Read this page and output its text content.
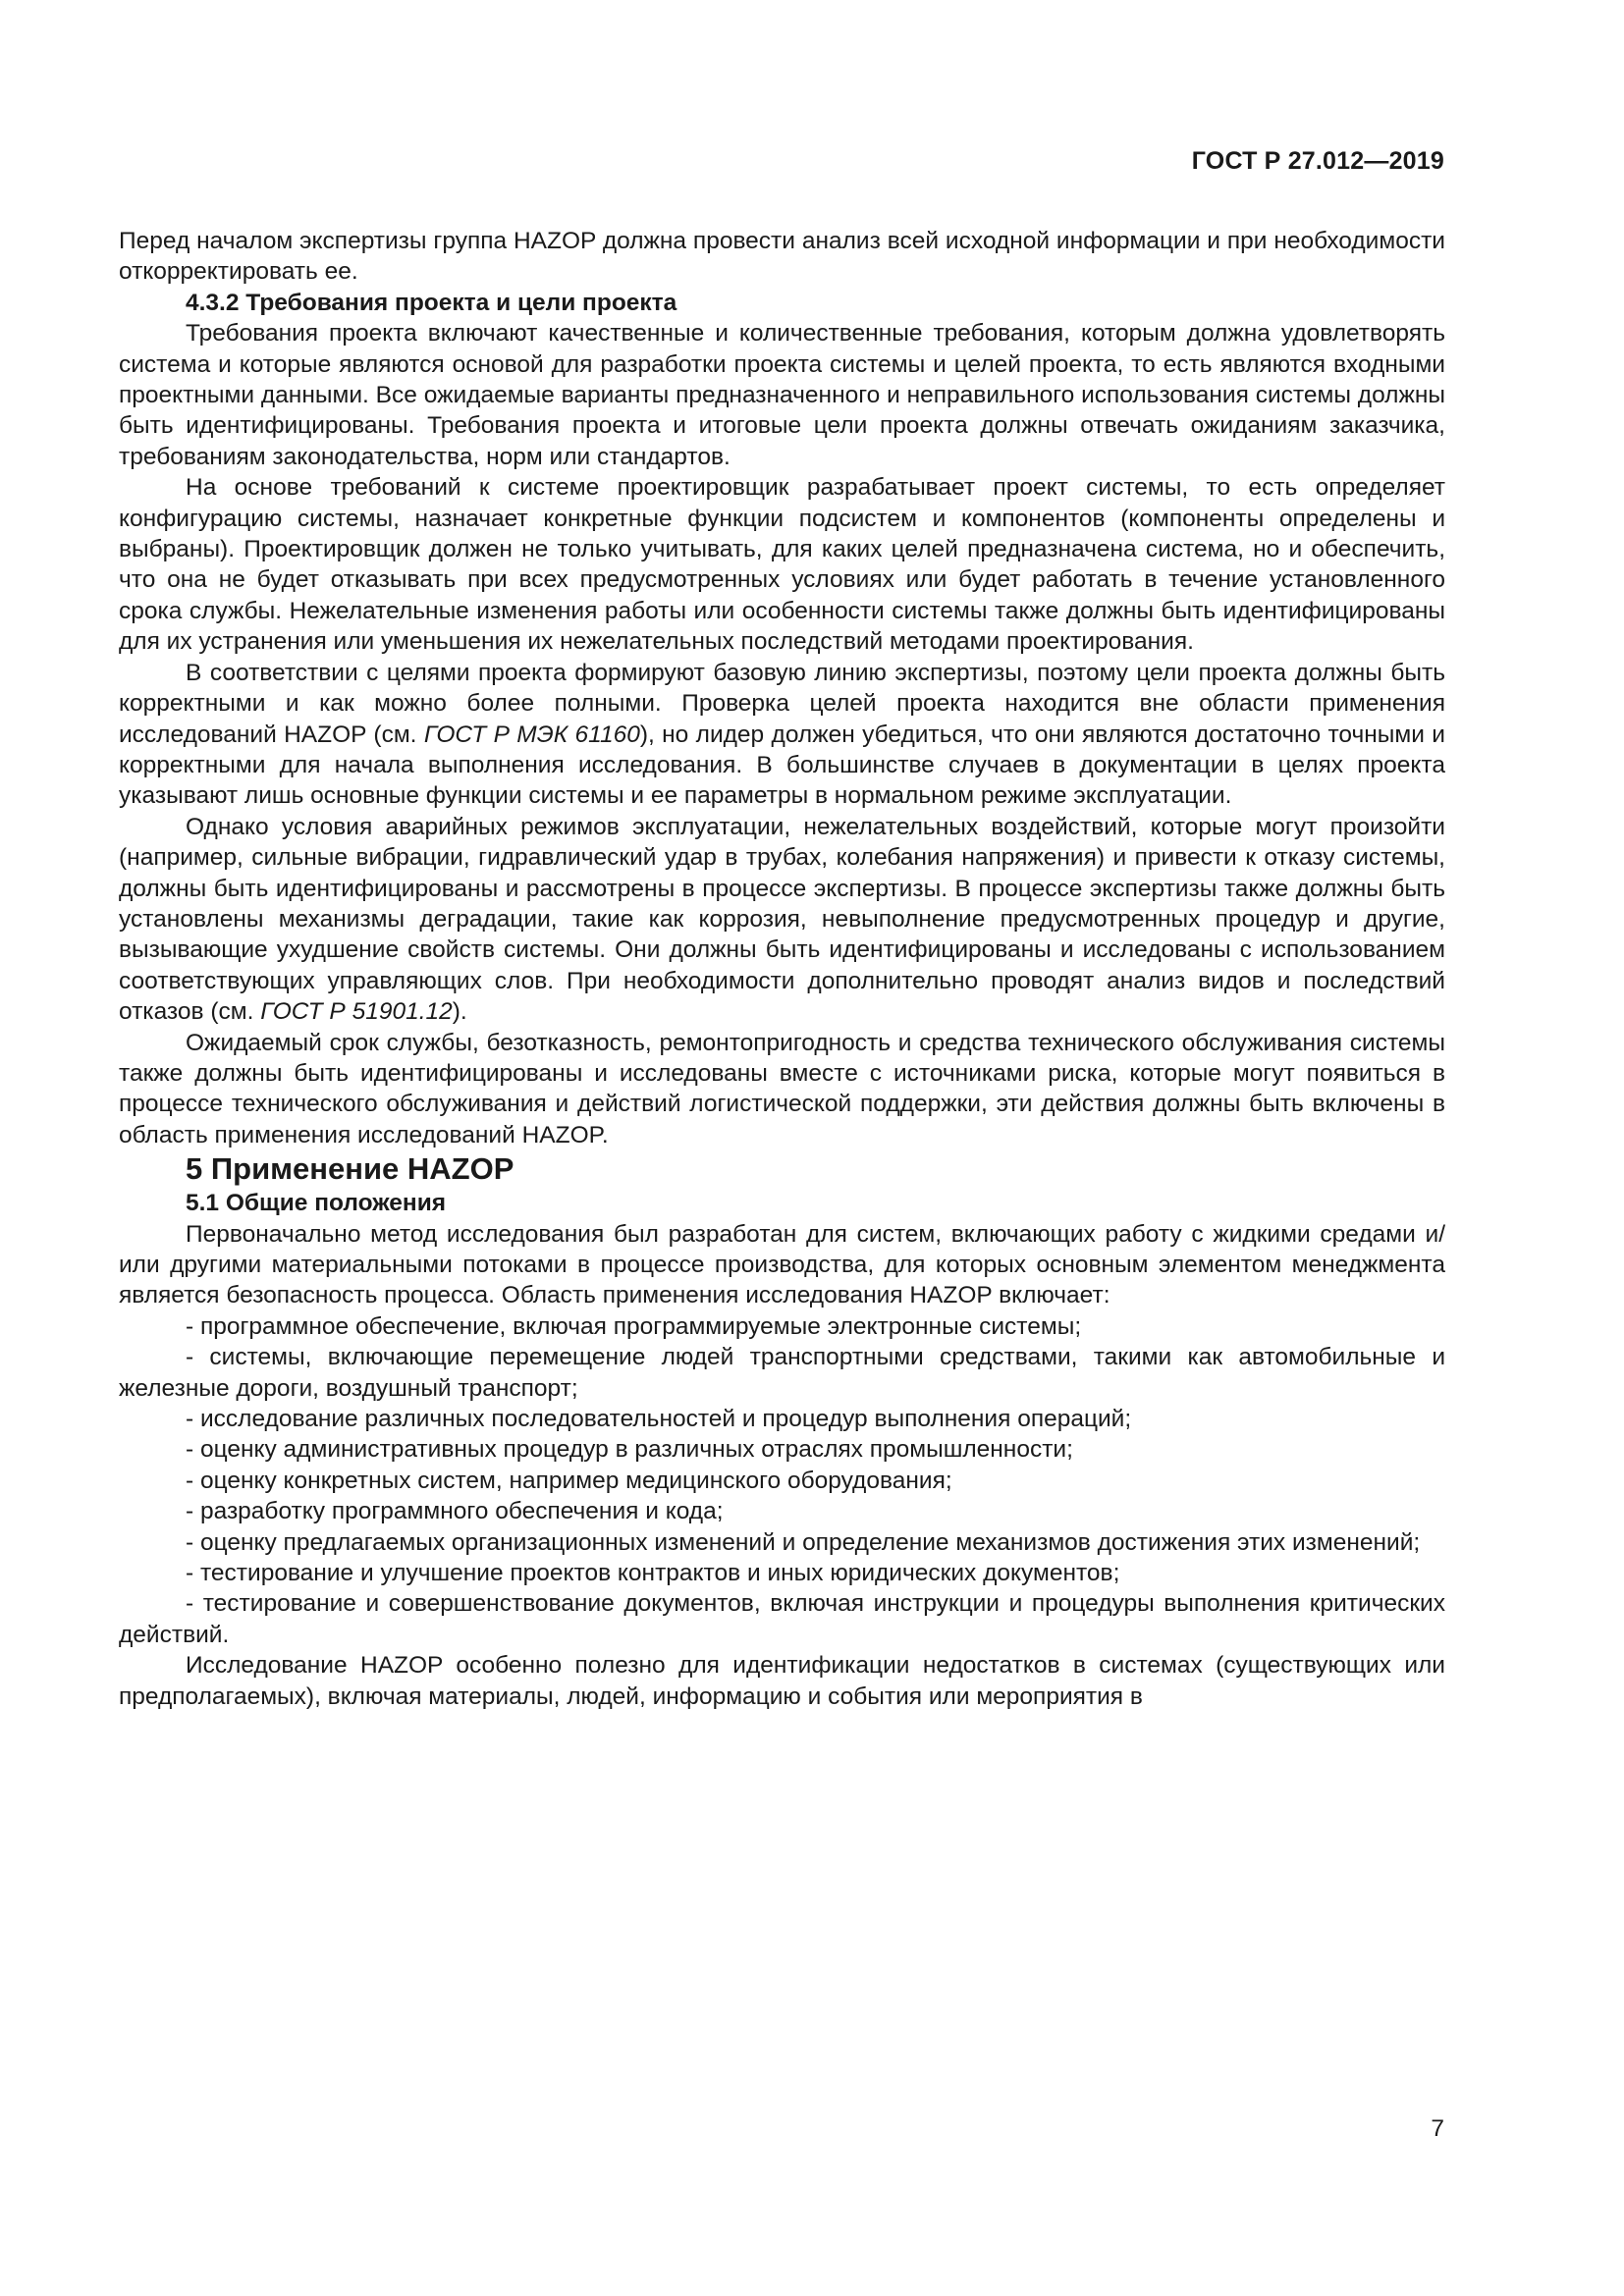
ГОСТ Р 27.012—2019

Перед началом экспертизы группа HAZOP должна провести анализ всей исходной информации и при необходимости откорректировать ее.

4.3.2 Требования проекта и цели проекта

Требования проекта включают качественные и количественные требования, которым должна удовлетворять система и которые являются основой для разработки проекта системы и целей проекта, то есть являются входными проектными данными. Все ожидаемые варианты предназначенного и неправильного использования системы должны быть идентифицированы. Требования проекта и итоговые цели проекта должны отвечать ожиданиям заказчика, требованиям законодательства, норм или стандартов.

На основе требований к системе проектировщик разрабатывает проект системы, то есть определяет конфигурацию системы, назначает конкретные функции подсистем и компонентов (компоненты определены и выбраны). Проектировщик должен не только учитывать, для каких целей предназначена система, но и обеспечить, что она не будет отказывать при всех предусмотренных условиях или будет работать в течение установленного срока службы. Нежелательные изменения работы или особенности системы также должны быть идентифицированы для их устранения или уменьшения их нежелательных последствий методами проектирования.

В соответствии с целями проекта формируют базовую линию экспертизы, поэтому цели проекта должны быть корректными и как можно более полными. Проверка целей проекта находится вне области применения исследований HAZOP (см. ГОСТ Р МЭК 61160), но лидер должен убедиться, что они являются достаточно точными и корректными для начала выполнения исследования. В большинстве случаев в документации в целях проекта указывают лишь основные функции системы и ее параметры в нормальном режиме эксплуатации.

Однако условия аварийных режимов эксплуатации, нежелательных воздействий, которые могут произойти (например, сильные вибрации, гидравлический удар в трубах, колебания напряжения) и привести к отказу системы, должны быть идентифицированы и рассмотрены в процессе экспертизы. В процессе экспертизы также должны быть установлены механизмы деградации, такие как коррозия, невыполнение предусмотренных процедур и другие, вызывающие ухудшение свойств системы. Они должны быть идентифицированы и исследованы с использованием соответствующих управляющих слов. При необходимости дополнительно проводят анализ видов и последствий отказов (см. ГОСТ Р 51901.12).

Ожидаемый срок службы, безотказность, ремонтопригодность и средства технического обслуживания системы также должны быть идентифицированы и исследованы вместе с источниками риска, которые могут появиться в процессе технического обслуживания и действий логистической поддержки, эти действия должны быть включены в область применения исследований HAZOP.

5 Применение HAZOP

5.1 Общие положения

Первоначально метод исследования был разработан для систем, включающих работу с жидкими средами и/или другими материальными потоками в процессе производства, для которых основным элементом менеджмента является безопасность процесса. Область применения исследования HAZOP включает:

- программное обеспечение, включая программируемые электронные системы;

- системы, включающие перемещение людей транспортными средствами, такими как автомобильные и железные дороги, воздушный транспорт;

- исследование различных последовательностей и процедур выполнения операций;

- оценку административных процедур в различных отраслях промышленности;

- оценку конкретных систем, например медицинского оборудования;

- разработку программного обеспечения и кода;

- оценку предлагаемых организационных изменений и определение механизмов достижения этих изменений;

- тестирование и улучшение проектов контрактов и иных юридических документов;

- тестирование и совершенствование документов, включая инструкции и процедуры выполнения критических действий.

Исследование HAZOP особенно полезно для идентификации недостатков в системах (существующих или предполагаемых), включая материалы, людей, информацию и события или мероприятия в

7
